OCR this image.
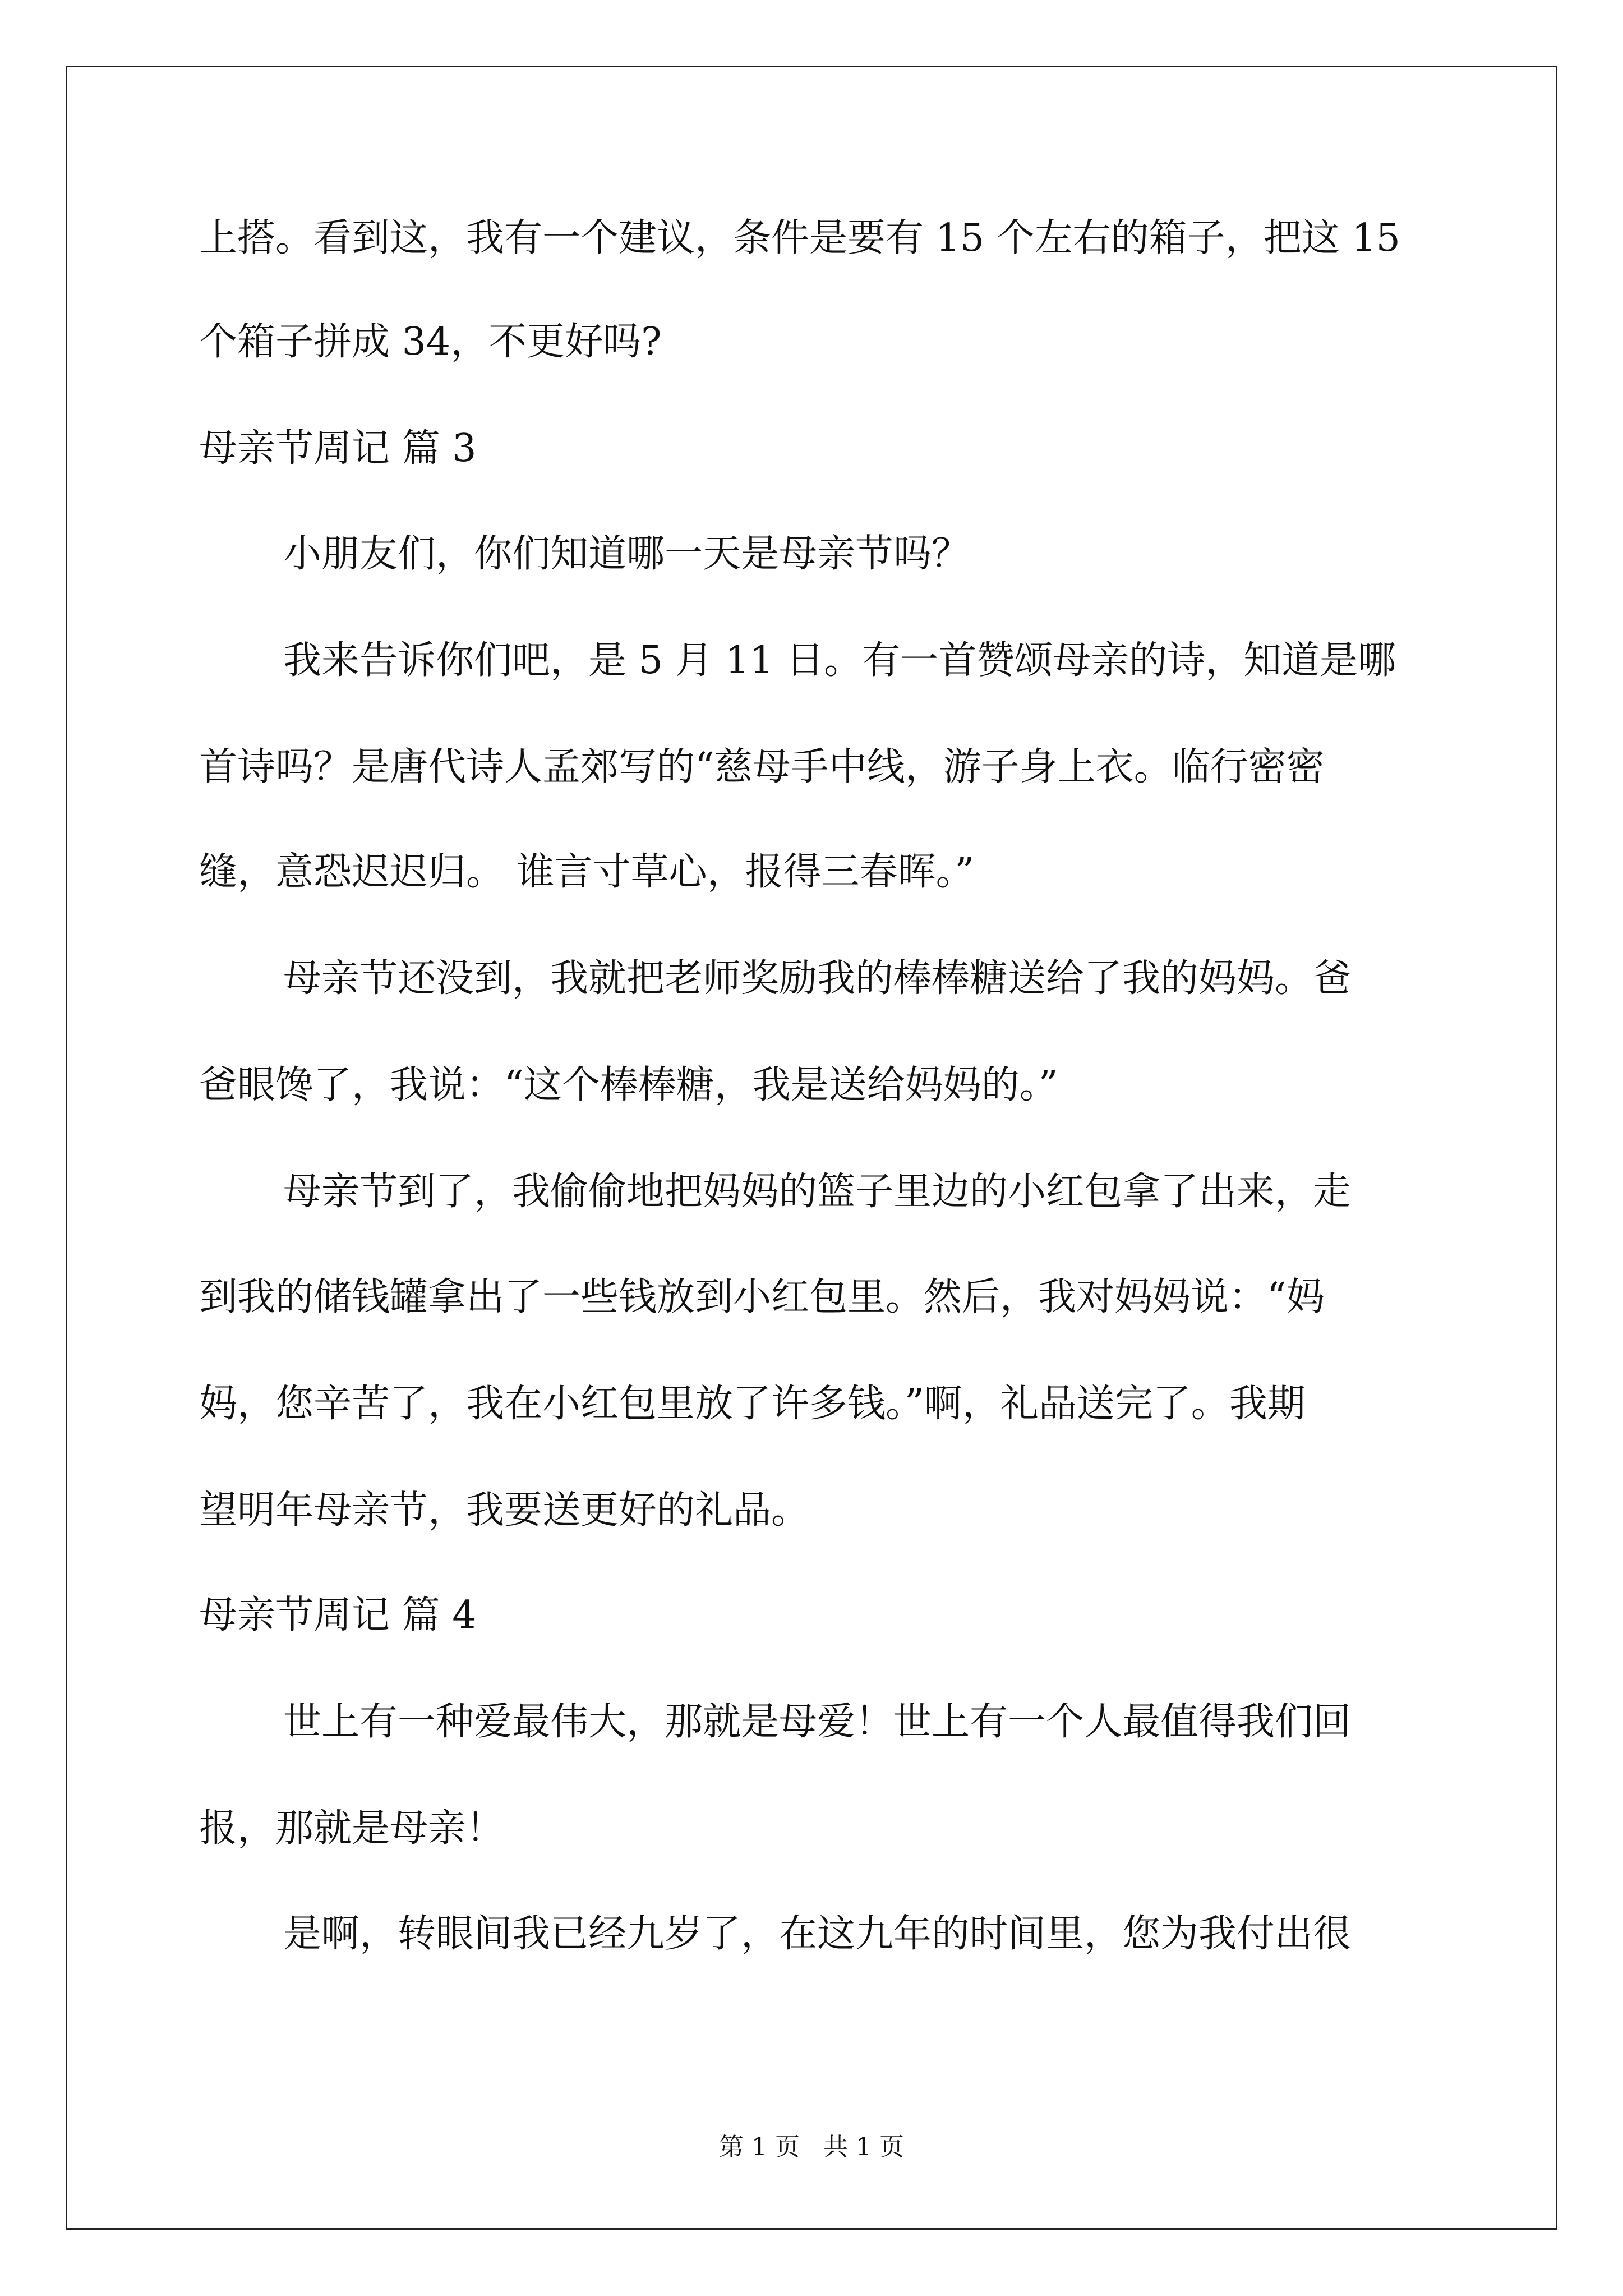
上搭。看到这，我有一个建议，条件是要有 15 个左右的箱子，把这 15
个箱子拼成 34，不更好吗?
母亲节周记 篇 3
小朋友们，你们知道哪一天是母亲节吗？
我来告诉你们吧，是 5 月 11 日。有一首赞颂母亲的诗，知道是哪
首诗吗？是唐代诗人孟郊写的“慈母手中线，游子身上衣。临行密密
缝，意恐迟迟归。 谁言寸草心，报得三春晖。”
母亲节还没到，我就把老师奖励我的棒棒糖送给了我的妈妈。爸
爸眼馋了，我说：“这个棒棒糖，我是送给妈妈的。”
母亲节到了，我偷偷地把妈妈的篮子里边的小红包拿了出来，走
到我的储钱罐拿出了一些钱放到小红包里。然后，我对妈妈说：“妈
妈，您辛苦了，我在小红包里放了许多钱。”啊，礼品送完了。我期
望明年母亲节，我要送更好的礼品。
母亲节周记 篇 4
世上有一种爱最伟大，那就是母爱！世上有一个人最值得我们回
报，那就是母亲！
是啊，转眼间我已经九岁了，在这九年的时间里，您为我付出很
第 1 页   共 1 页
